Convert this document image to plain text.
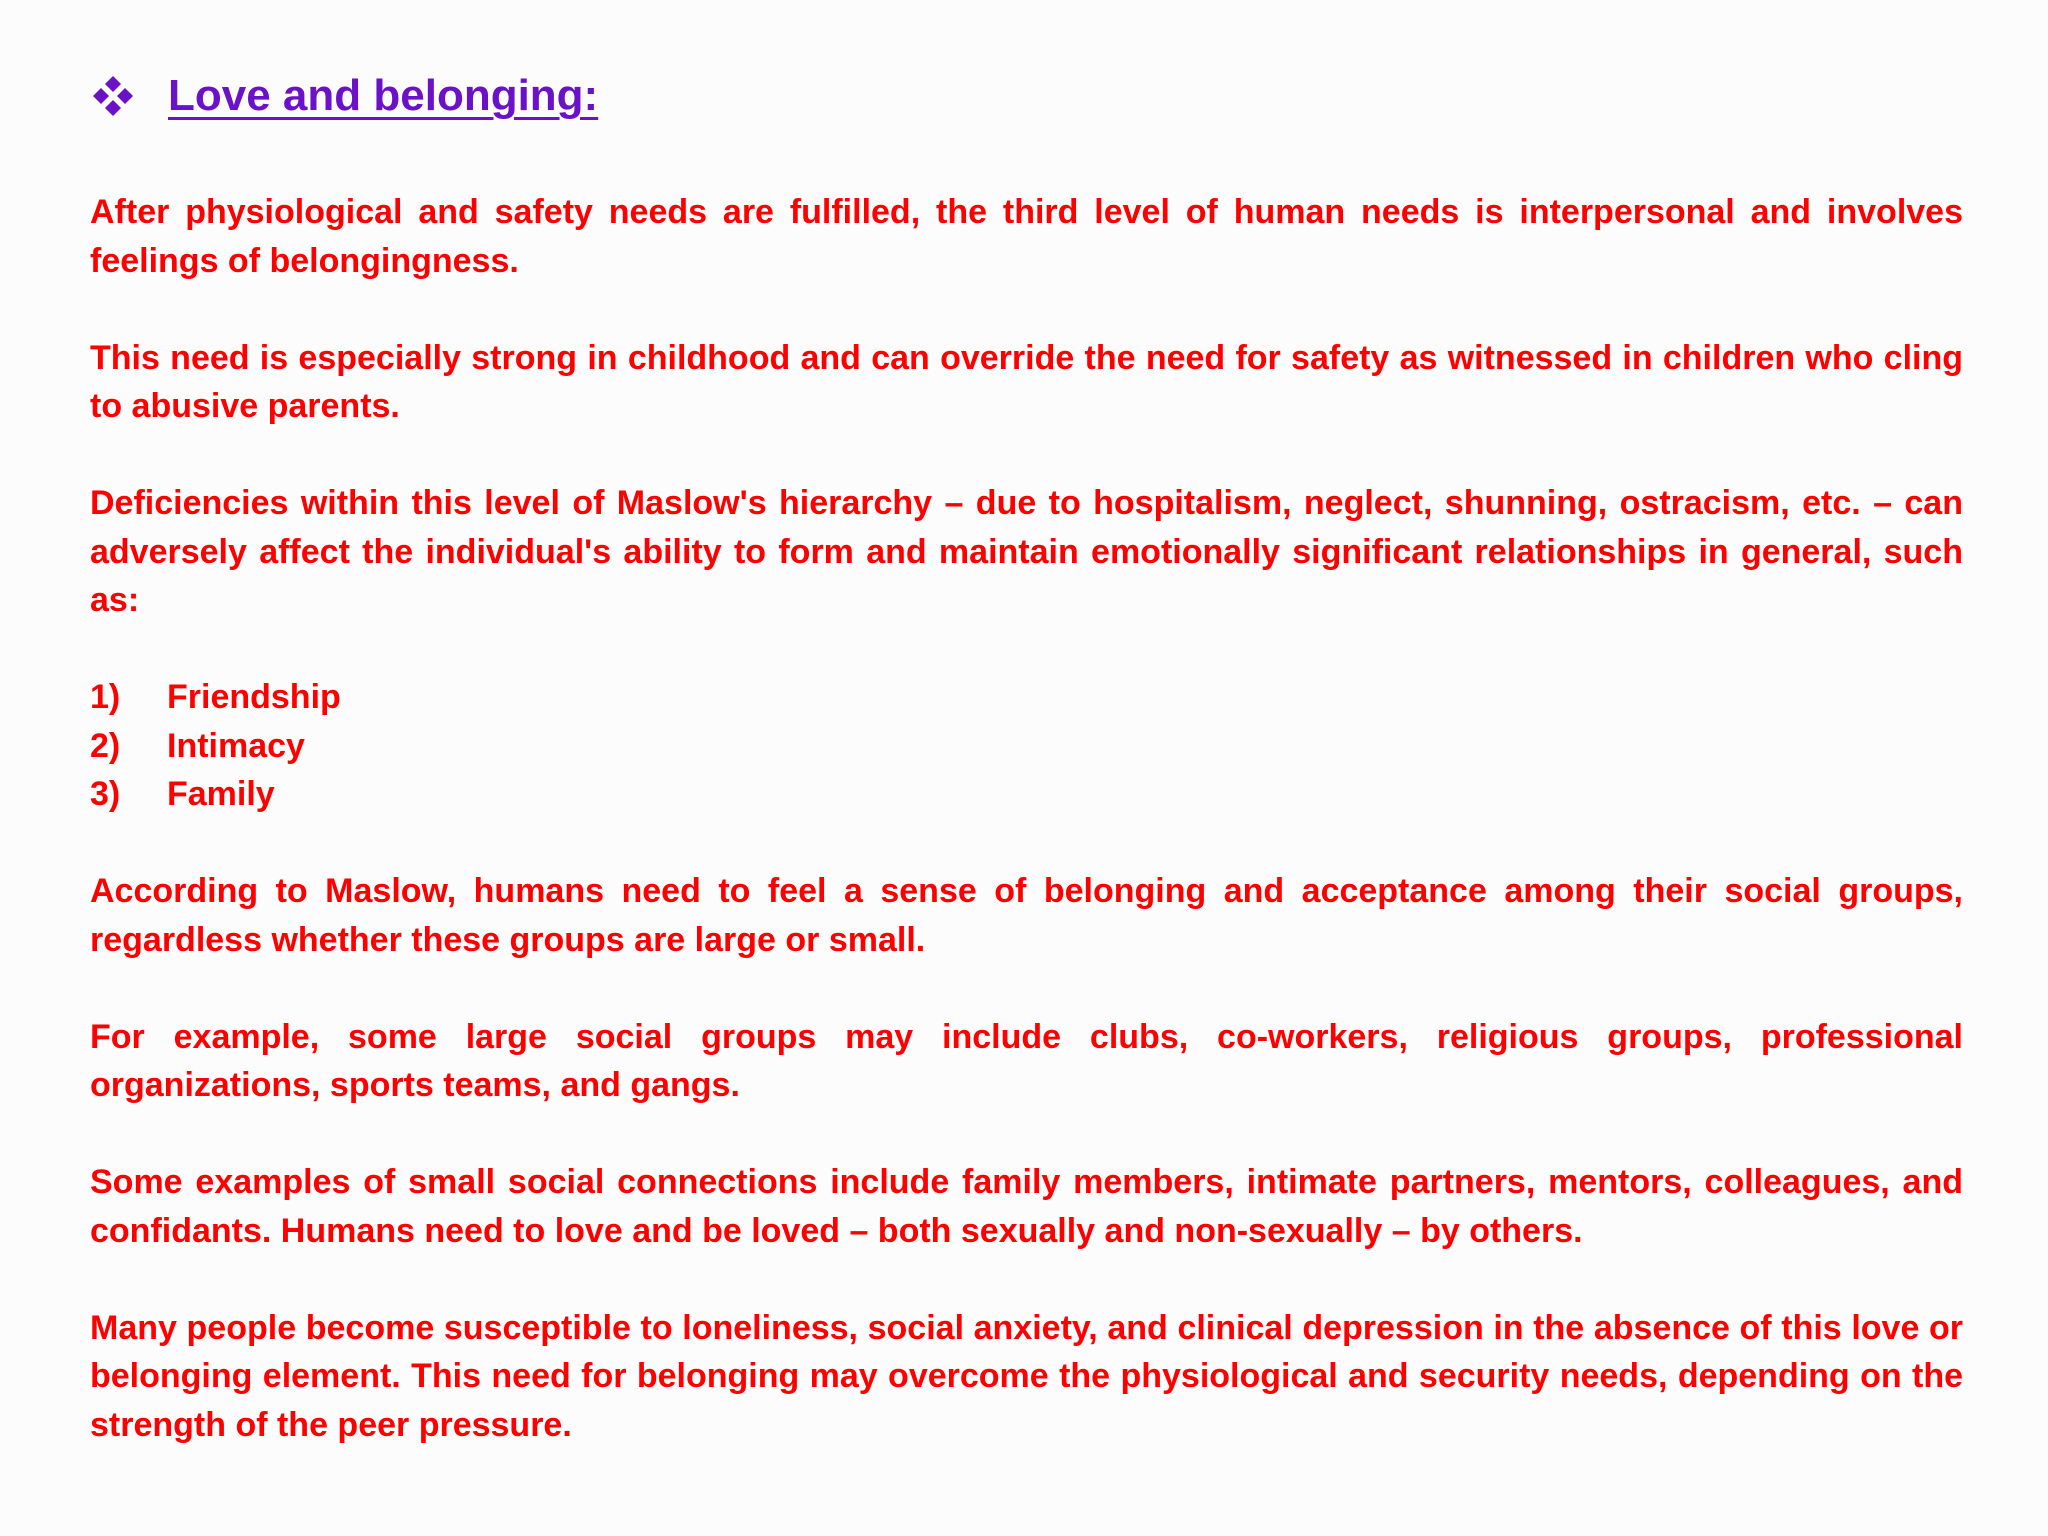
Love and belonging:

After physiological and safety needs are fulfilled, the third level of human needs is interpersonal and involves feelings of belongingness.

This need is especially strong in childhood and can override the need for safety as witnessed in children who cling to abusive parents.

Deficiencies within this level of Maslow's hierarchy – due to hospitalism, neglect, shunning, ostracism, etc. – can adversely affect the individual's ability to form and maintain emotionally significant relationships in general, such as:

1)	Friendship
2)	Intimacy
3)	Family

According to Maslow, humans need to feel a sense of belonging and acceptance among their social groups, regardless whether these groups are large or small.

For example, some large social groups may include clubs, co-workers, religious groups, professional organizations, sports teams, and gangs.

Some examples of small social connections include family members, intimate partners, mentors, colleagues, and confidants. Humans need to love and be loved – both sexually and non-sexually – by others.

Many people become susceptible to loneliness, social anxiety, and clinical depression in the absence of this love or belonging element. This need for belonging may overcome the physiological and security needs, depending on the strength of the peer pressure.
